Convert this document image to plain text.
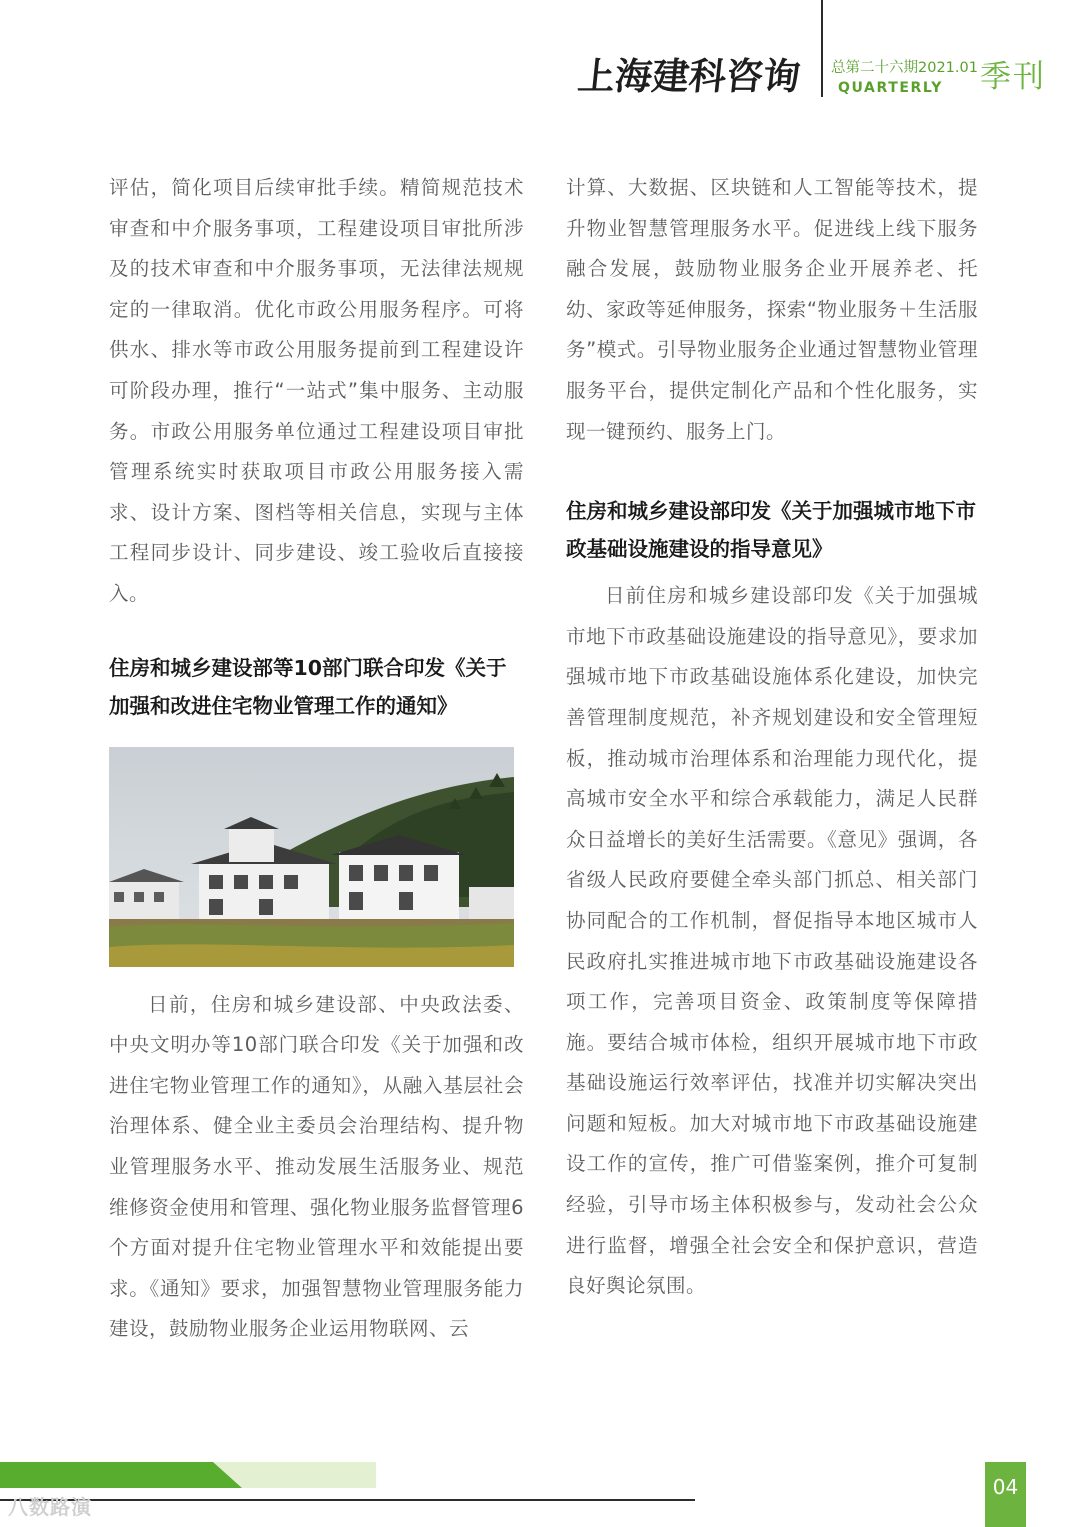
上海建科咨询	总第二十六期2021.01
QUARTERLY 季刊

评估，简化项目后续审批手续。精简规范技术审查和中介服务事项，工程建设项目审批所涉及的技术审查和中介服务事项，无法律法规规定的一律取消。优化市政公用服务程序。可将供水、排水等市政公用服务提前到工程建设许可阶段办理，推行“一站式”集中服务、主动服务。市政公用服务单位通过工程建设项目审批管理系统实时获取项目市政公用服务接入需求、设计方案、图档等相关信息，实现与主体工程同步设计、同步建设、竣工验收后直接接入。

住房和城乡建设部等10部门联合印发《关于加强和改进住宅物业管理工作的通知》

日前，住房和城乡建设部、中央政法委、中央文明办等10部门联合印发《关于加强和改进住宅物业管理工作的通知》，从融入基层社会治理体系、健全业主委员会治理结构、提升物业管理服务水平、推动发展生活服务业、规范维修资金使用和管理、强化物业服务监督管理6个方面对提升住宅物业管理水平和效能提出要求。《通知》要求，加强智慧物业管理服务能力建设，鼓励物业服务企业运用物联网、云

计算、大数据、区块链和人工智能等技术，提升物业智慧管理服务水平。促进线上线下服务融合发展，鼓励物业服务企业开展养老、托幼、家政等延伸服务，探索“物业服务＋生活服务”模式。引导物业服务企业通过智慧物业管理服务平台，提供定制化产品和个性化服务，实现一键预约、服务上门。

住房和城乡建设部印发《关于加强城市地下市政基础设施建设的指导意见》

日前住房和城乡建设部印发《关于加强城市地下市政基础设施建设的指导意见》，要求加强城市地下市政基础设施体系化建设，加快完善管理制度规范，补齐规划建设和安全管理短板，推动城市治理体系和治理能力现代化，提高城市安全水平和综合承载能力，满足人民群众日益增长的美好生活需要。《意见》强调，各省级人民政府要健全牵头部门抓总、相关部门协同配合的工作机制，督促指导本地区城市人民政府扎实推进城市地下市政基础设施建设各项工作，完善项目资金、政策制度等保障措施。要结合城市体检，组织开展城市地下市政基础设施运行效率评估，找准并切实解决突出问题和短板。加大对城市地下市政基础设施建设工作的宣传，推广可借鉴案例，推介可复制经验，引导市场主体积极参与，发动社会公众进行监督，增强全社会安全和保护意识，营造良好舆论氛围。

八数路演
04
